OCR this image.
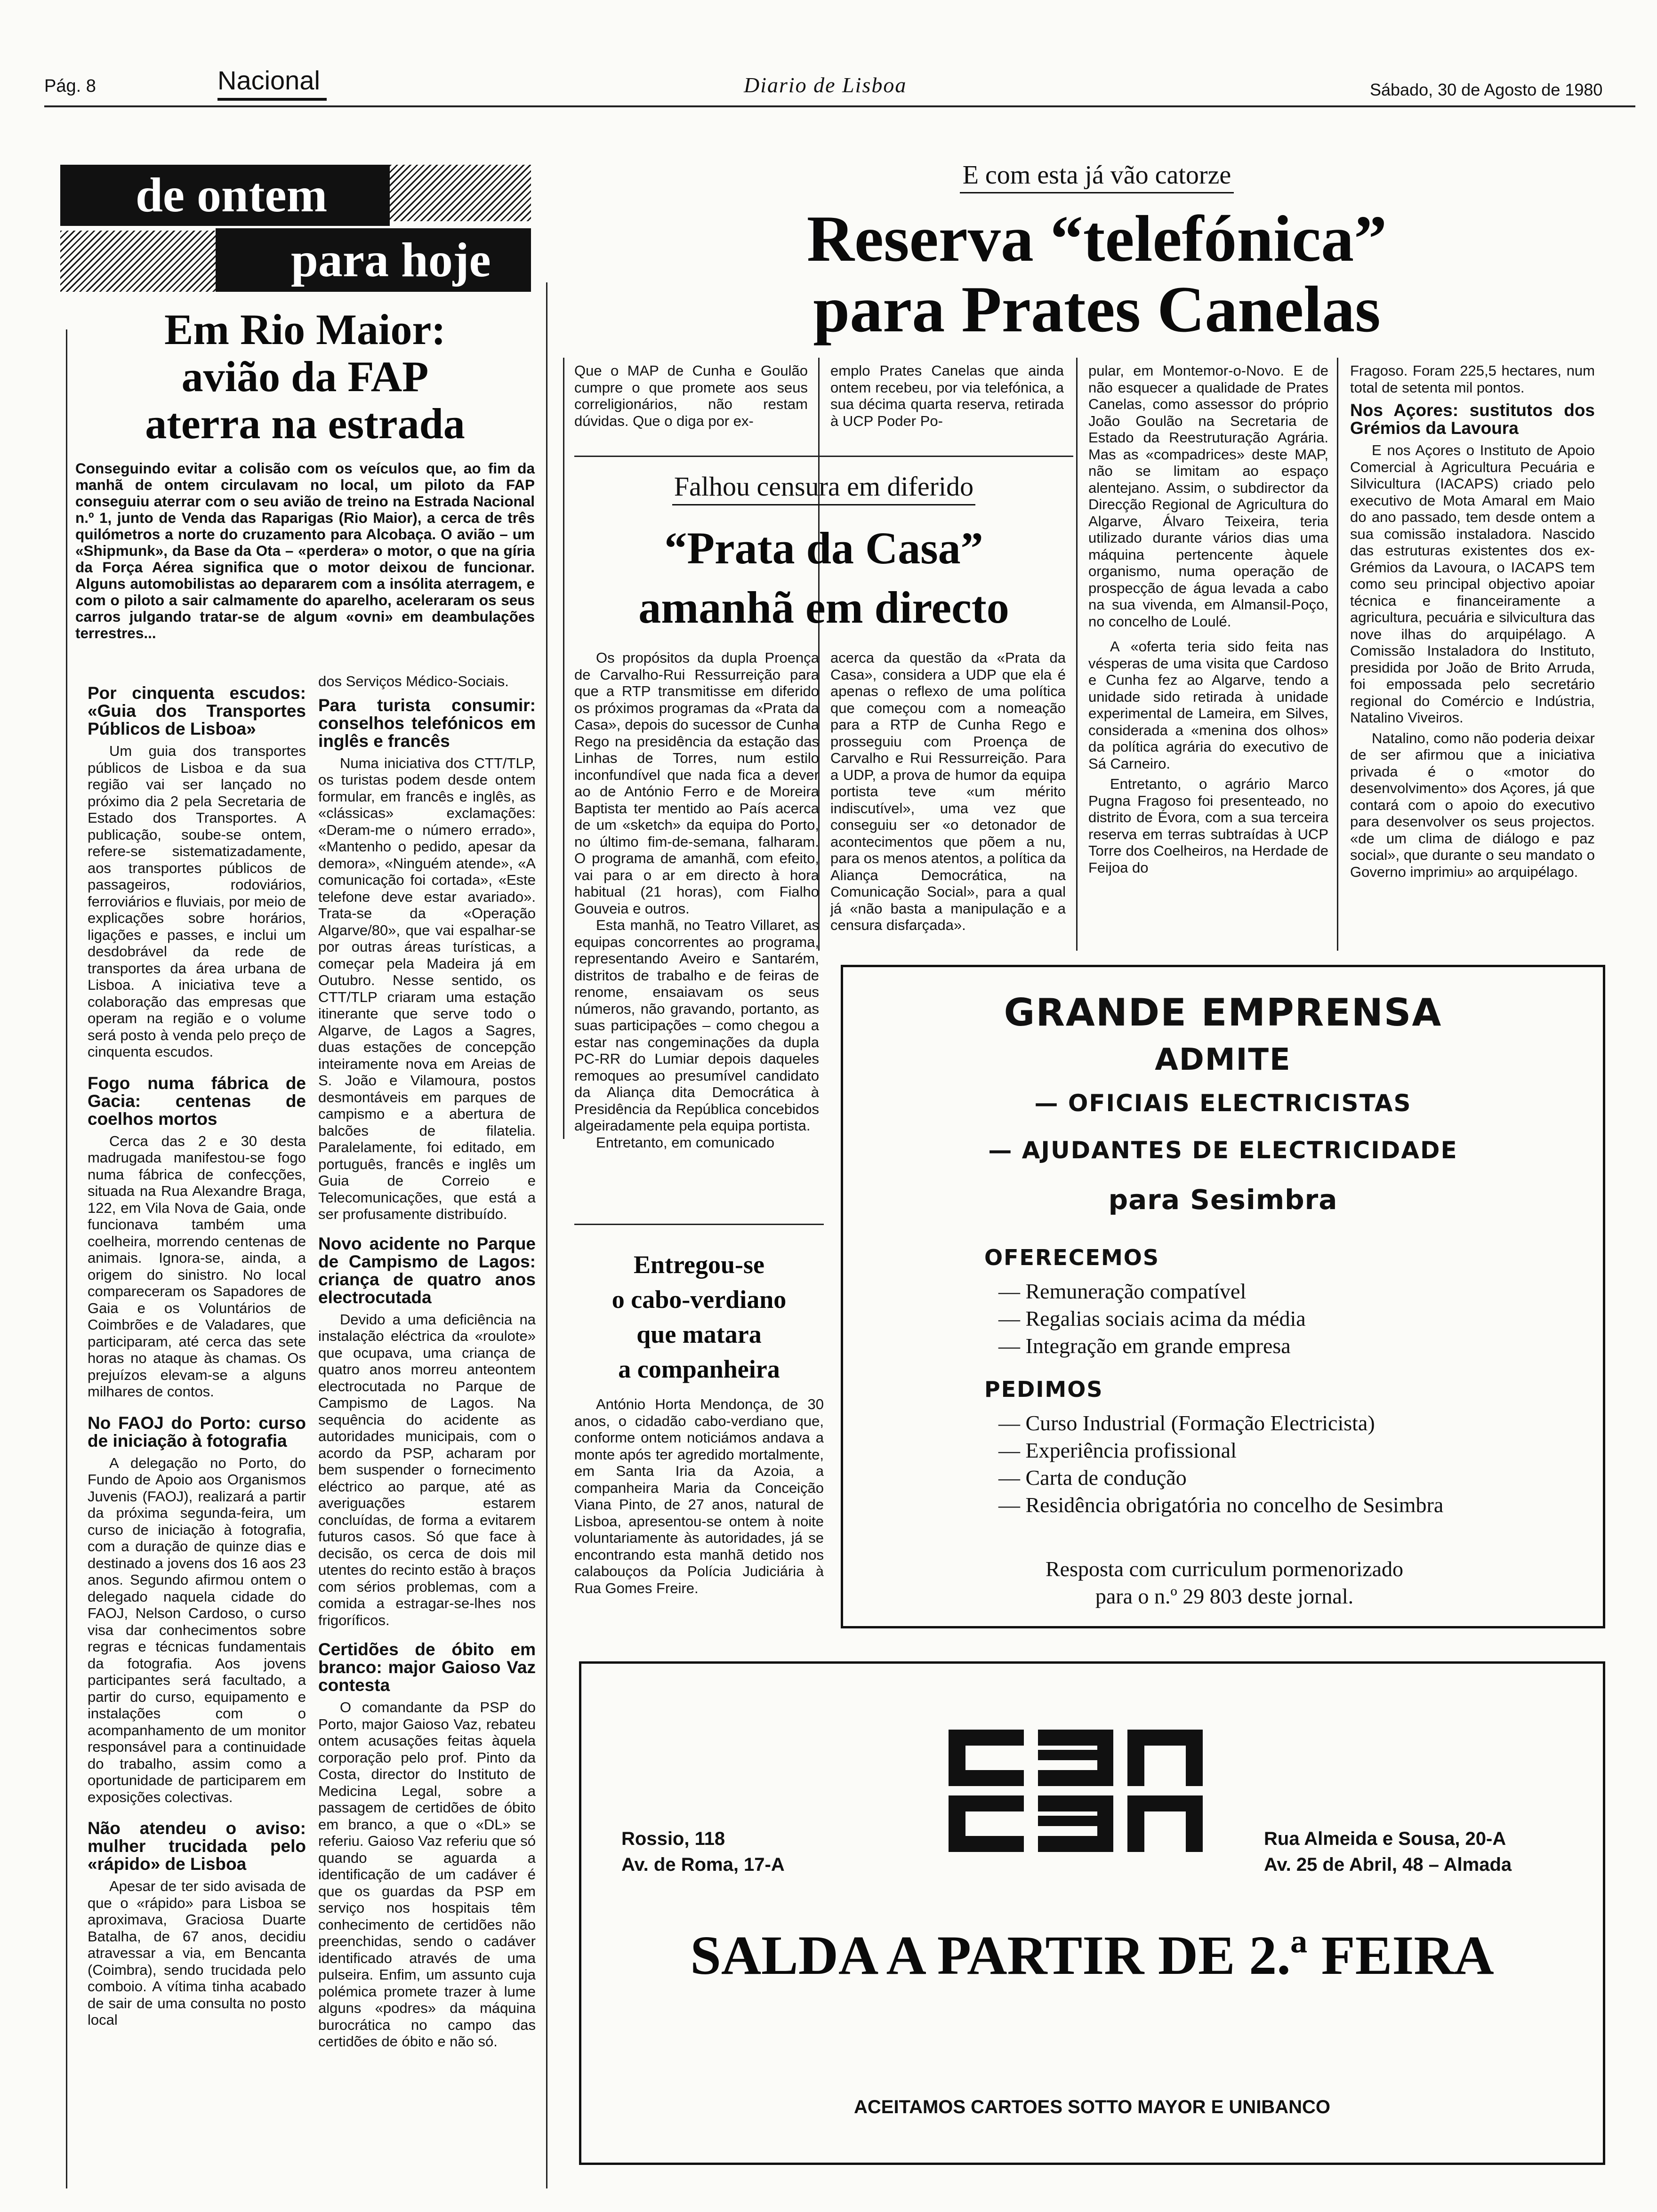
Pág. 8	Nacional	Diario de Lisboa	Sábado, 30 de Agosto de 1980
de ontem
para hoje
Em Rio Maior:
avião da FAP
aterra na estrada
Conseguindo evitar a colisão com os veículos que, ao fim da manhã de ontem circulavam no local, um piloto da FAP conseguiu aterrar com o seu avião de treino na Estrada Nacional n.º 1, junto de Venda das Raparigas (Rio Maior), a cerca de três quilómetros a norte do cruzamento para Alcobaça. O avião – um «Shipmunk», da Base da Ota – «perdera» o motor, o que na gíria da Força Aérea significa que o motor deixou de funcionar. Alguns automobilistas ao depararem com a insólita aterragem, e com o piloto a sair calmamente do aparelho, aceleraram os seus carros julgando tratar-se de algum «ovni» em deambulações terrestres...
Por cinquenta escudos: «Guia dos Transportes Públicos de Lisboa»

Um guia dos transportes públicos de Lisboa e da sua região vai ser lançado no próximo dia 2 pela Secretaria de Estado dos Transportes. A publicação, soube-se ontem, refere-se sistematizadamente, aos transportes públicos de passageiros, rodoviários, ferroviários e fluviais, por meio de explicações sobre horários, ligações e passes, e inclui um desdobrável da rede de transportes da área urbana de Lisboa. A iniciativa teve a colaboração das empresas que operam na região e o volume será posto à venda pelo preço de cinquenta escudos.

Fogo numa fábrica de Gacia: centenas de coelhos mortos

Cerca das 2 e 30 desta madrugada manifestou-se fogo numa fábrica de confecções, situada na Rua Alexandre Braga, 122, em Vila Nova de Gaia, onde funcionava também uma coelheira, morrendo centenas de animais. Ignora-se, ainda, a origem do sinistro. No local compareceram os Sapadores de Gaia e os Voluntários de Coimbrões e de Valadares, que participaram, até cerca das sete horas no ataque às chamas. Os prejuízos elevam-se a alguns milhares de contos.

No FAOJ do Porto: curso de iniciação à fotografia

A delegação no Porto, do Fundo de Apoio aos Organismos Juvenis (FAOJ), realizará a partir da próxima segunda-feira, um curso de iniciação à fotografia, com a duração de quinze dias e destinado a jovens dos 16 aos 23 anos. Segundo afirmou ontem o delegado naquela cidade do FAOJ, Nelson Cardoso, o curso visa dar conhecimentos sobre regras e técnicas fundamentais da fotografia. Aos jovens participantes será facultado, a partir do curso, equipamento e instalações com o acompanhamento de um monitor responsável para a continuidade do trabalho, assim como a oportunidade de participarem em exposições colectivas.

Não atendeu o aviso: mulher trucidada pelo «rápido» de Lisboa

Apesar de ter sido avisada de que o «rápido» para Lisboa se aproximava, Graciosa Duarte Batalha, de 67 anos, decidiu atravessar a via, em Bencanta (Coimbra), sendo trucidada pelo comboio. A vítima tinha acabado de sair de uma consulta no posto local

dos Serviços Médico-Sociais.
Para turista consumir: conselhos telefónicos em inglês e francês

Numa iniciativa dos CTT/TLP, os turistas podem desde ontem formular, em francês e inglês, as «clássicas» exclamações: «Deram-me o número errado», «Mantenho o pedido, apesar da demora», «Ninguém atende», «A comunicação foi cortada», «Este telefone deve estar avariado». Trata-se da «Operação Algarve/80», que vai espalhar-se por outras áreas turísticas, a começar pela Madeira já em Outubro. Nesse sentido, os CTT/TLP criaram uma estação itinerante que serve todo o Algarve, de Lagos a Sagres, duas estações de concepção inteiramente nova em Areias de S. João e Vilamoura, postos desmontáveis em parques de campismo e a abertura de balcões de filatelia. Paralelamente, foi editado, em português, francês e inglês um Guia de Correio e Telecomunicações, que está a ser profusamente distribuído.

Novo acidente no Parque de Campismo de Lagos: criança de quatro anos electrocutada

Devido a uma deficiência na instalação eléctrica da «roulote» que ocupava, uma criança de quatro anos morreu anteontem electrocutada no Parque de Campismo de Lagos. Na sequência do acidente as autoridades municipais, com o acordo da PSP, acharam por bem suspender o fornecimento eléctrico ao parque, até as averiguações estarem concluídas, de forma a evitarem futuros casos. Só que face à decisão, os cerca de dois mil utentes do recinto estão à braços com sérios problemas, com a comida a estragar-se-lhes nos frigoríficos.

Certidões de óbito em branco: major Gaioso Vaz contesta

O comandante da PSP do Porto, major Gaioso Vaz, rebateu ontem acusações feitas àquela corporação pelo prof. Pinto da Costa, director do Instituto de Medicina Legal, sobre a passagem de certidões de óbito em branco, a que o «DL» se referiu. Gaioso Vaz referiu que só quando se aguarda a identificação de um cadáver é que os guardas da PSP em serviço nos hospitais têm conhecimento de certidões não preenchidas, sendo o cadáver identificado através de uma pulseira. Enfim, um assunto cuja polémica promete trazer à lume alguns «podres» da máquina burocrática no campo das certidões de óbito e não só.

E com esta já vão catorze
Reserva “telefónica”
para Prates Canelas
Que o MAP de Cunha e Goulão cumpre o que promete aos seus correligionários, não restam dúvidas. Que o diga por ex-
emplo Prates Canelas que ainda ontem recebeu, por via telefónica, a sua décima quarta reserva, retirada à UCP Poder Po-
pular, em Montemor-o-Novo. E de não esquecer a qualidade de Prates Canelas, como assessor do próprio João Goulão na Secretaria de Estado da Reestruturação Agrária. Mas as «compadrices» deste MAP, não se limitam ao espaço alentejano. Assim, o subdirector da Direcção Regional de Agricultura do Algarve, Álvaro Teixeira, teria utilizado durante vários dias uma máquina pertencente àquele organismo, numa operação de prospecção de água levada a cabo na sua vivenda, em Almansil-Poço, no concelho de Loulé.

A «oferta teria sido feita nas vésperas de uma visita que Cardoso e Cunha fez ao Algarve, tendo a unidade sido retirada à unidade experimental de Lameira, em Silves, considerada a «menina dos olhos» da política agrária do executivo de Sá Carneiro.

Entretanto, o agrário Marco Pugna Fragoso foi presenteado, no distrito de Évora, com a sua terceira reserva em terras subtraídas à UCP Torre dos Coelheiros, na Herdade de Feijoa do

Fragoso. Foram 225,5 hectares, num total de setenta mil pontos.
Nos Açores: sustitutos dos Grémios da Lavoura

E nos Açores o Instituto de Apoio Comercial à Agricultura Pecuária e Silvicultura (IACAPS) criado pelo executivo de Mota Amaral em Maio do ano passado, tem desde ontem a sua comissão instaladora. Nascido das estruturas existentes dos ex-Grémios da Lavoura, o IACAPS tem como seu principal objectivo apoiar técnica e financeiramente a agricultura, pecuária e silvicultura das nove ilhas do arquipélago. A Comissão Instaladora do Instituto, presidida por João de Brito Arruda, foi empossada pelo secretário regional do Comércio e Indústria, Natalino Viveiros.

Natalino, como não poderia deixar de ser afirmou que a iniciativa privada é o «motor do desenvolvimento» dos Açores, já que contará com o apoio do executivo para desenvolver os seus projectos. «de um clima de diálogo e paz social», que durante o seu mandato o Governo imprimiu» ao arquipélago.

Falhou censura em diferido
“Prata da Casa”
amanhã em directo

Os propósitos da dupla Proença de Carvalho-Rui Ressurreição para que a RTP transmitisse em diferido os próximos programas da «Prata da Casa», depois do sucessor de Cunha Rego na presidência da estação das Linhas de Torres, num estilo inconfundível que nada fica a dever ao de António Ferro e de Moreira Baptista ter mentido ao País acerca de um «sketch» da equipa do Porto, no último fim-de-semana, falharam. O programa de amanhã, com efeito, vai para o ar em directo à hora habitual (21 horas), com Fialho Gouveia e outros.

Esta manhã, no Teatro Villaret, as equipas concorrentes ao programa, representando Aveiro e Santarém, distritos de trabalho e de feiras de renome, ensaiavam os seus números, não gravando, portanto, as suas participações – como chegou a estar nas congeminações da dupla PC-RR do Lumiar depois daqueles remoques ao presumível candidato da Aliança dita Democrática à Presidência da República concebidos algeiradamente pela equipa portista.

Entretanto, em comunicado

acerca da questão da «Prata da Casa», considera a UDP que ela é apenas o reflexo de uma política que começou com a nomeação para a RTP de Cunha Rego e prosseguiu com Proença de Carvalho e Rui Ressurreição. Para a UDP, a prova de humor da equipa portista teve «um mérito indiscutível», uma vez que conseguiu ser «o detonador de acontecimentos que põem a nu, para os menos atentos, a política da Aliança Democrática, na Comunicação Social», para a qual já «não basta a manipulação e a censura disfarçada».
Entregou-se
o cabo-verdiano
que matara
a companheira

António Horta Mendonça, de 30 anos, o cidadão cabo-verdiano que, conforme ontem noticiámos andava a monte após ter agredido mortalmente, em Santa Iria da Azoia, a companheira Maria da Conceição Viana Pinto, de 27 anos, natural de Lisboa, apresentou-se ontem à noite voluntariamente às autoridades, já se encontrando esta manhã detido nos calabouços da Polícia Judiciária à Rua Gomes Freire.

GRANDE EMPRENSA
ADMITE
— OFICIAIS ELECTRICISTAS
— AJUDANTES DE ELECTRICIDADE
para Sesimbra
OFERECEMOS
— Remuneração compatível
— Regalias sociais acima da média
— Integração em grande empresa
PEDIMOS
— Curso Industrial (Formação Electricista)
— Experiência profissional
— Carta de condução
— Residência obrigatória no concelho de Sesimbra
Resposta com curriculum pormenorizado para o n.º 29 803 deste jornal.
Rossio, 118
Av. de Roma, 17-A
Rua Almeida e Sousa, 20-A
Av. 25 de Abril, 48 – Almada
SALDA A PARTIR DE 2.ª FEIRA
ACEITAMOS CARTOES SOTTO MAYOR E UNIBANCO
